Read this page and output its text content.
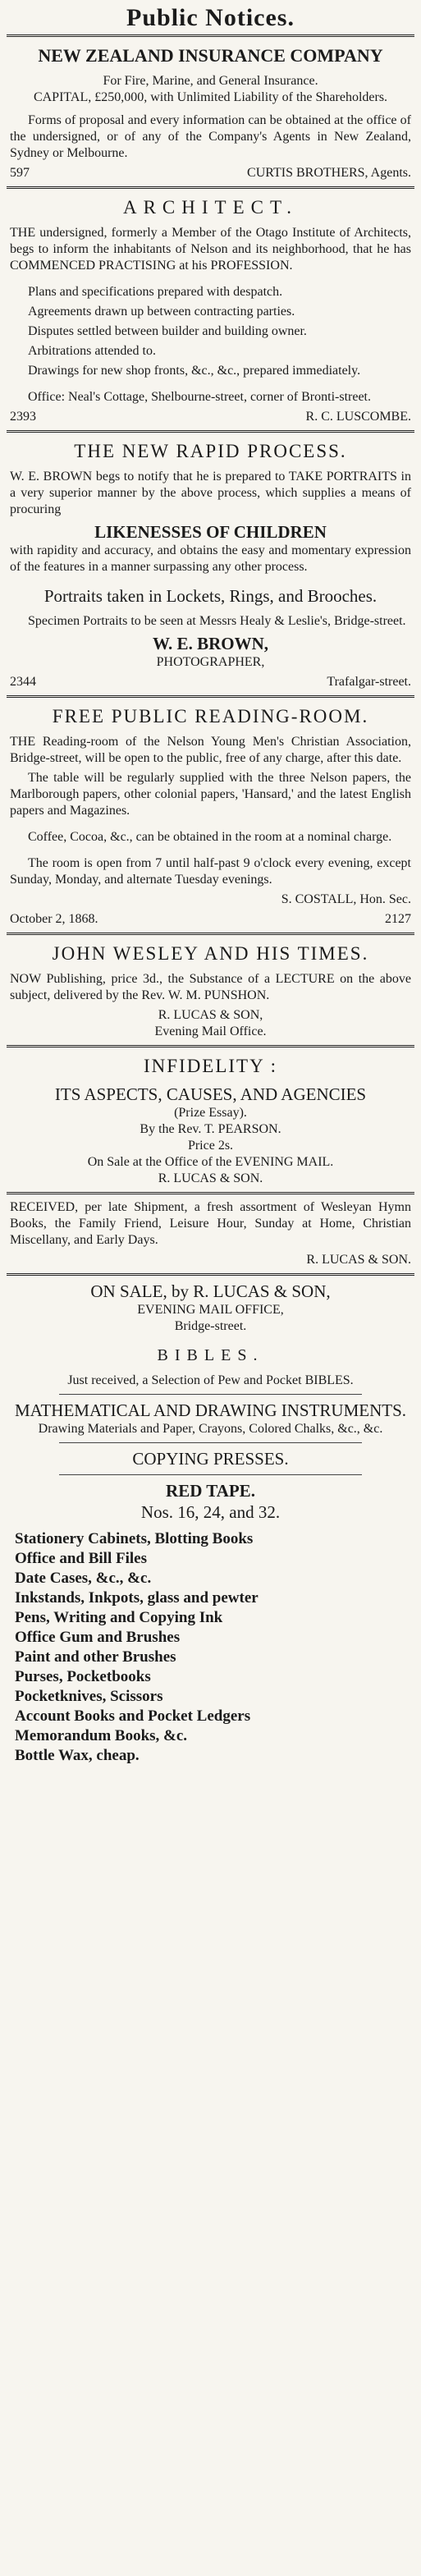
Public Notices.
NEW ZEALAND INSURANCE COMPANY
For Fire, Marine, and General Insurance.
CAPITAL, £250,000, with Unlimited Liability of the Shareholders.

Forms of proposal and every information can be obtained at the office of the undersigned, or of any of the Company's Agents in New Zealand, Sydney or Melbourne.

597	CURTIS BROTHERS, Agents.
ARCHITECT.

THE undersigned, formerly a Member of the Otago Institute of Architects, begs to inform the inhabitants of Nelson and its neighborhood, that he has COMMENCED PRACTISING at his PROFESSION.

Plans and specifications prepared with despatch.

Agreements drawn up between contracting parties.

Disputes settled between builder and building owner.

Arbitrations attended to.

Drawings for new shop fronts, &c., &c., prepared immediately.

Office: Neal's Cottage, Shelbourne-street, corner of Bronti-street.

2393	R. C. LUSCOMBE.
THE NEW RAPID PROCESS.

W. E. BROWN begs to notify that he is prepared to TAKE PORTRAITS in a very superior manner by the above process, which supplies a means of procuring

LIKENESSES OF CHILDREN

with rapidity and accuracy, and obtains the easy and momentary expression of the features in a manner surpassing any other process.

Portraits taken in Lockets, Rings, and Brooches.

Specimen Portraits to be seen at Messrs Healy & Leslie's, Bridge-street.

W. E. BROWN,
PHOTOGRAPHER,
2344	Trafalgar-street.
FREE PUBLIC READING-ROOM.

THE Reading-room of the Nelson Young Men's Christian Association, Bridge-street, will be open to the public, free of any charge, after this date.

The table will be regularly supplied with the three Nelson papers, the Marlborough papers, other colonial papers, 'Hansard,' and the latest English papers and Magazines.

Coffee, Cocoa, &c., can be obtained in the room at a nominal charge.

The room is open from 7 until half-past 9 o'clock every evening, except Sunday, Monday, and alternate Tuesday evenings.

S. COSTALL, Hon. Sec.
October 2, 1868.	2127
JOHN WESLEY AND HIS TIMES.

NOW Publishing, price 3d., the Substance of a LECTURE on the above subject, delivered by the Rev. W. M. PUNSHON.

R. LUCAS & SON,
Evening Mail Office.
INFIDELITY :
ITS ASPECTS, CAUSES, AND AGENCIES
(Prize Essay).
By the Rev. T. PEARSON.
Price 2s.
On Sale at the Office of the EVENING MAIL.
R. LUCAS & SON.

RECEIVED, per late Shipment, a fresh assortment of Wesleyan Hymn Books, the Family Friend, Leisure Hour, Sunday at Home, Christian Miscellany, and Early Days.

R. LUCAS & SON.
ON SALE, by R. LUCAS & SON,
EVENING MAIL OFFICE,
Bridge-street.
BIBLES.

Just received, a Selection of Pew and Pocket BIBLES.

MATHEMATICAL AND DRAWING INSTRUMENTS.

Drawing Materials and Paper, Crayons, Colored Chalks, &c., &c.

COPYING PRESSES.
RED TAPE.
Nos. 16, 24, and 32.
Stationery Cabinets, Blotting Books
Office and Bill Files
Date Cases, &c., &c.
Inkstands, Inkpots, glass and pewter
Pens, Writing and Copying Ink
Office Gum and Brushes
Paint and other Brushes
Purses, Pocketbooks
Pocketknives, Scissors
Account Books and Pocket Ledgers
Memorandum Books, &c.
Bottle Wax, cheap.
